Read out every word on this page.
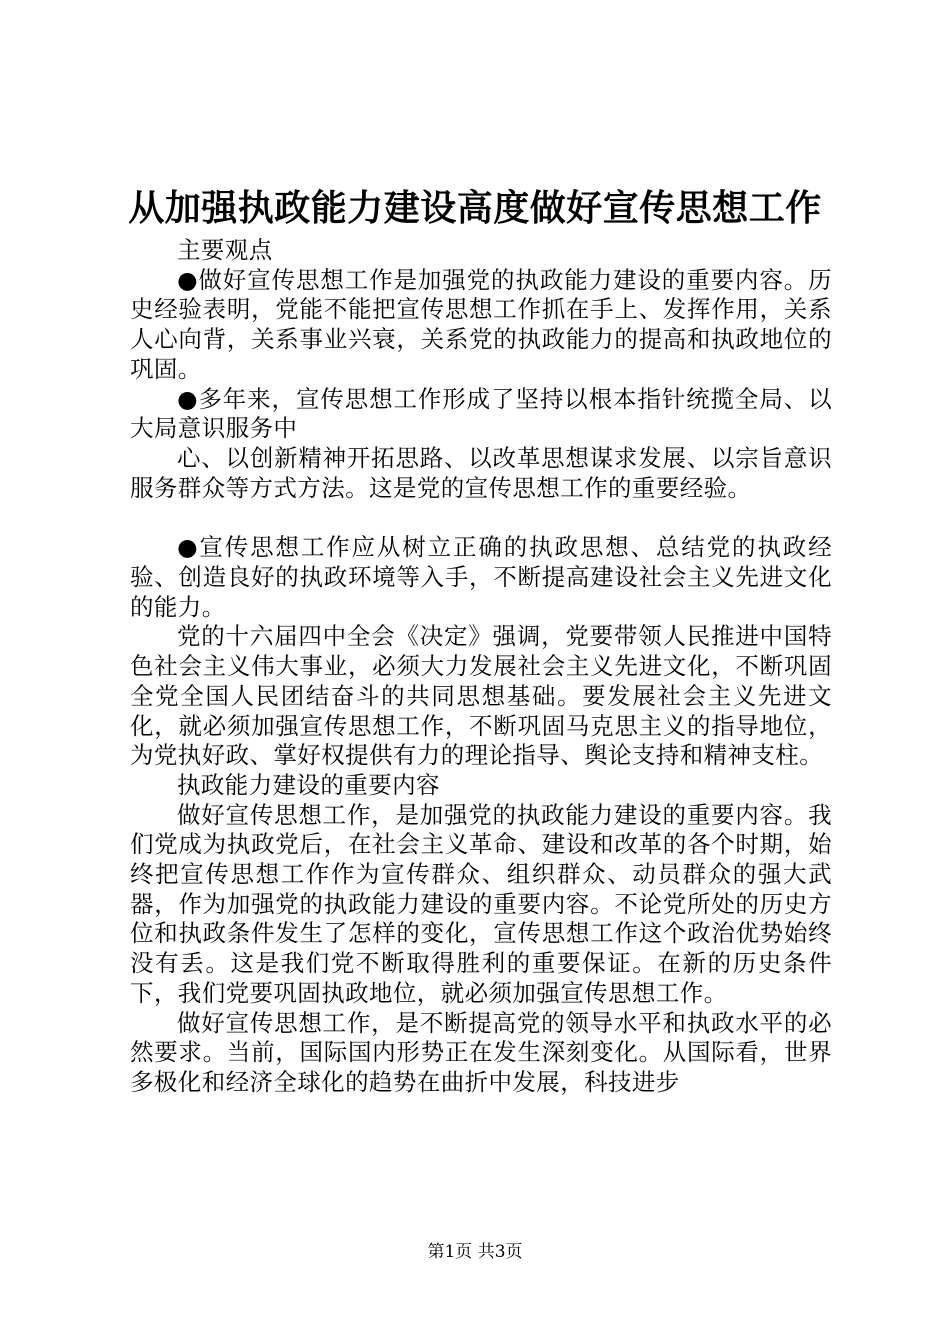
从加强执政能力建设高度做好宣传思想工作

主要观点

●做好宣传思想工作是加强党的执政能力建设的重要内容。历史经验表明，党能不能把宣传思想工作抓在手上、发挥作用，关系人心向背，关系事业兴衰，关系党的执政能力的提高和执政地位的巩固。

●多年来，宣传思想工作形成了坚持以根本指针统揽全局、以大局意识服务中

心、以创新精神开拓思路、以改革思想谋求发展、以宗旨意识服务群众等方式方法。这是党的宣传思想工作的重要经验。

●宣传思想工作应从树立正确的执政思想、总结党的执政经验、创造良好的执政环境等入手，不断提高建设社会主义先进文化的能力。

党的十六届四中全会《决定》强调，党要带领人民推进中国特色社会主义伟大事业，必须大力发展社会主义先进文化，不断巩固全党全国人民团结奋斗的共同思想基础。要发展社会主义先进文化，就必须加强宣传思想工作，不断巩固马克思主义的指导地位，为党执好政、掌好权提供有力的理论指导、舆论支持和精神支柱。

执政能力建设的重要内容

做好宣传思想工作，是加强党的执政能力建设的重要内容。我们党成为执政党后，在社会主义革命、建设和改革的各个时期，始终把宣传思想工作作为宣传群众、组织群众、动员群众的强大武器，作为加强党的执政能力建设的重要内容。不论党所处的历史方位和执政条件发生了怎样的变化，宣传思想工作这个政治优势始终没有丢。这是我们党不断取得胜利的重要保证。在新的历史条件下，我们党要巩固执政地位，就必须加强宣传思想工作。

做好宣传思想工作，是不断提高党的领导水平和执政水平的必然要求。当前，国际国内形势正在发生深刻变化。从国际看，世界多极化和经济全球化的趋势在曲折中发展，科技进步

第1页 共3页
